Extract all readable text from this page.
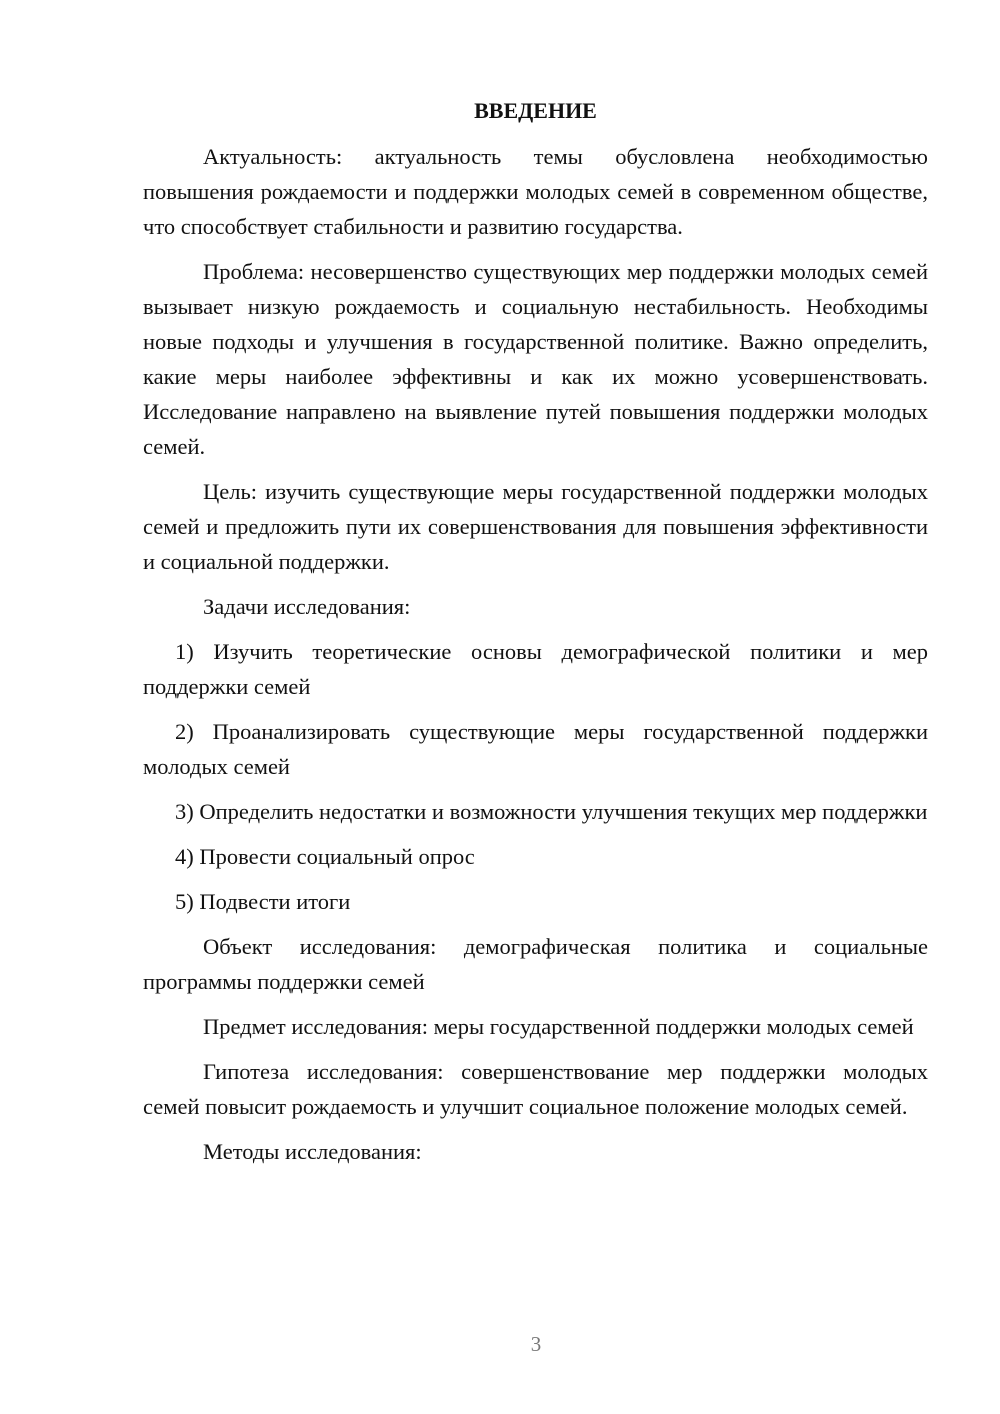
ВВЕДЕНИЕ

Актуальность: актуальность темы обусловлена необходимостью повышения рождаемости и поддержки молодых семей в современном обществе, что способствует стабильности и развитию государства.

Проблема: несовершенство существующих мер поддержки молодых семей вызывает низкую рождаемость и социальную нестабильность. Необходимы новые подходы и улучшения в государственной политике. Важно определить, какие меры наиболее эффективны и как их можно усовершенствовать. Исследование направлено на выявление путей повышения поддержки молодых семей.

Цель: изучить существующие меры государственной поддержки молодых семей и предложить пути их совершенствования для повышения эффективности и социальной поддержки.

Задачи исследования:

1) Изучить теоретические основы демографической политики и мер поддержки семей

2) Проанализировать существующие меры государственной поддержки молодых семей

3) Определить недостатки и возможности улучшения текущих мер поддержки

4) Провести социальный опрос

5) Подвести итоги

Объект исследования: демографическая политика и социальные программы поддержки семей

Предмет исследования: меры государственной поддержки молодых семей

Гипотеза исследования: совершенствование мер поддержки молодых семей повысит рождаемость и улучшит социальное положение молодых семей.

Методы исследования:

3
